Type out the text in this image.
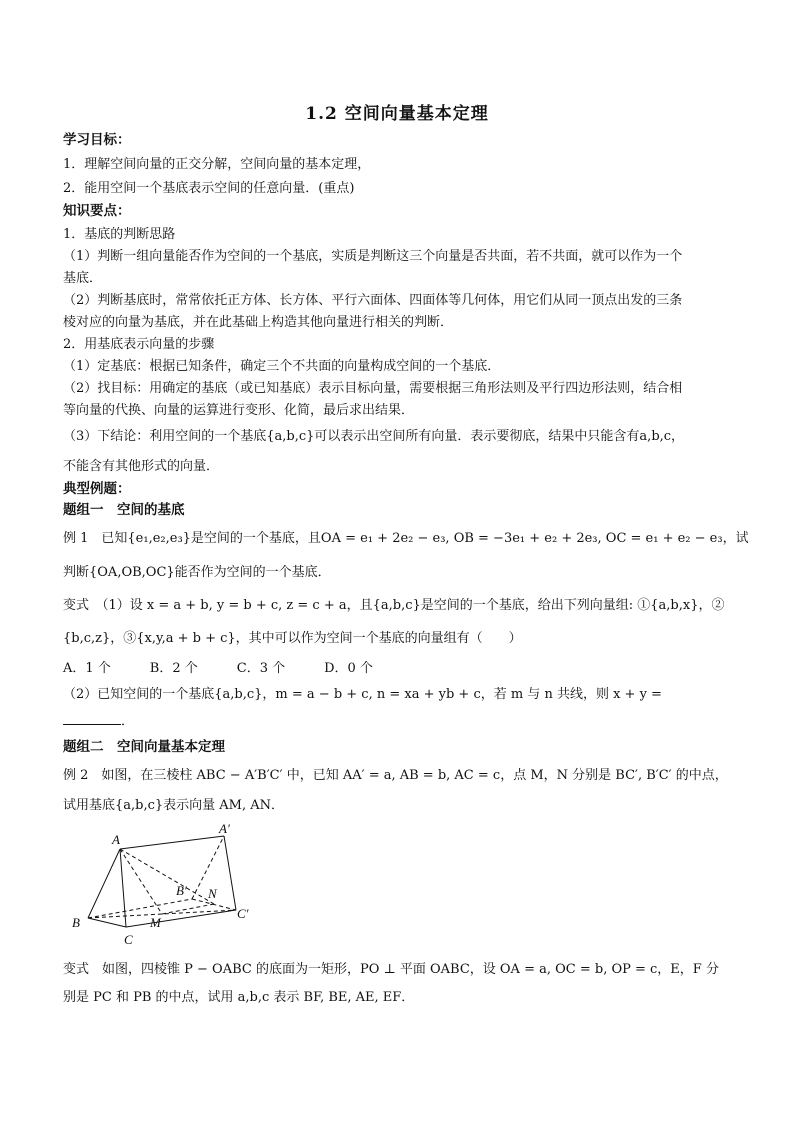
1.2 空间向量基本定理
学习目标：
1．理解空间向量的正交分解，空间向量的基本定理，
2．能用空间一个基底表示空间的任意向量．(重点)
知识要点：
1．基底的判断思路
（1）判断一组向量能否作为空间的一个基底，实质是判断这三个向量是否共面，若不共面，就可以作为一个
基底．
（2）判断基底时，常常依托正方体、长方体、平行六面体、四面体等几何体，用它们从同一顶点出发的三条
棱对应的向量为基底，并在此基础上构造其他向量进行相关的判断．
2．用基底表示向量的步骤
（1）定基底：根据已知条件，确定三个不共面的向量构成空间的一个基底．
（2）找目标：用确定的基底（或已知基底）表示目标向量，需要根据三角形法则及平行四边形法则，结合相
等向量的代换、向量的运算进行变形、化简，最后求出结果．
（3）下结论：利用空间的一个基底{a,b,c}可以表示出空间所有向量．表示要彻底，结果中只能含有a,b,c，
不能含有其他形式的向量．
典型例题：
题组一　空间的基底
例 1　已知{e₁,e₂,e₃}是空间的一个基底，且OA = e₁ + 2e₂ − e₃, OB = −3e₁ + e₂ + 2e₃, OC = e₁ + e₂ − e₃，试
判断{OA,OB,OC}能否作为空间的一个基底．
变式　（1）设 x = a + b, y = b + c, z = c + a，且{a,b,c}是空间的一个基底，给出下列向量组: ①{a,b,x}，②
{b,c,z}，③{x,y,a + b + c}，其中可以作为空间一个基底的向量组有（　　）
A．1 个　　　B．2 个　　　C．3 个　　　D．0 个
（2）已知空间的一个基底{a,b,c}，m = a − b + c, n = xa + yb + c，若 m 与 n 共线，则 x + y =
．
题组二　空间向量基本定理
例 2　如图，在三棱柱 ABC − A′B′C′ 中，已知 AA′ = a, AB = b, AC = c，点 M，N 分别是 BC′, B′C′ 的中点，
试用基底{a,b,c}表示向量 AM, AN．
A
A′
B
B′
C
C′
M
N
变式　如图，四棱锥 P − OABC 的底面为一矩形，PO ⊥ 平面 OABC，设 OA = a, OC = b, OP = c，E，F 分
别是 PC 和 PB 的中点，试用 a,b,c 表示 BF, BE, AE, EF．
